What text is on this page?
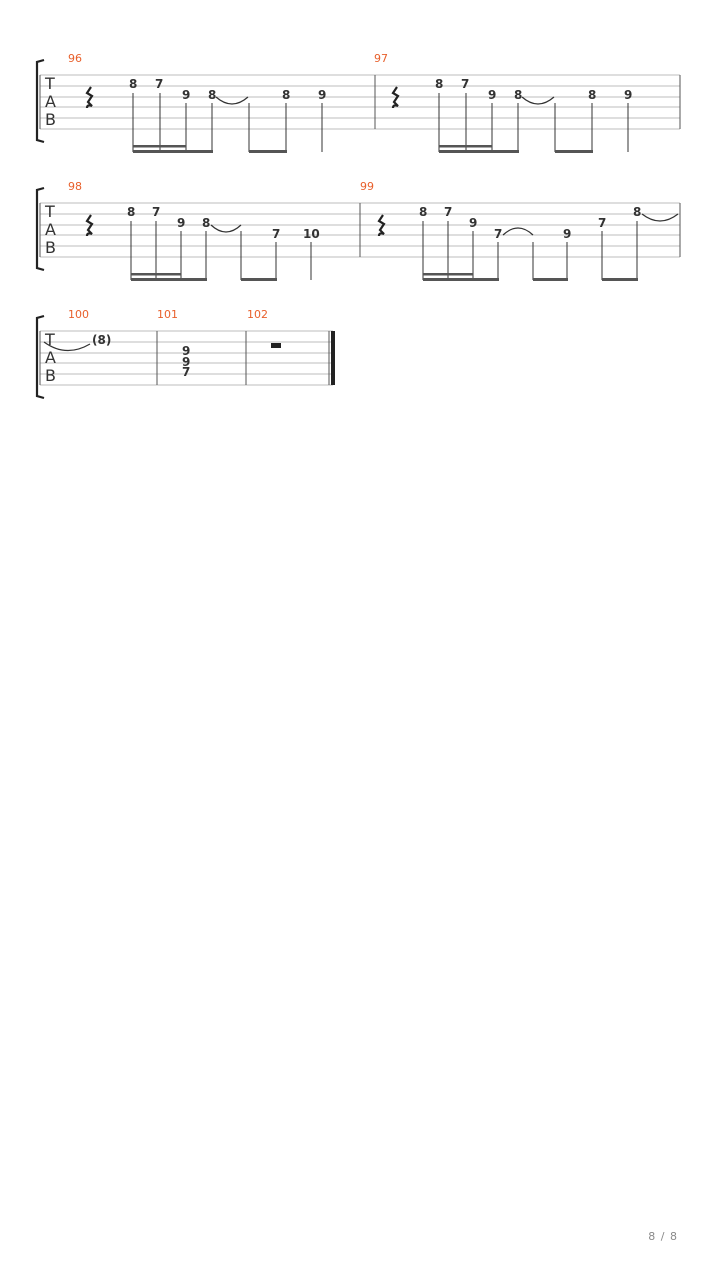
T
A
B
96
8 7
9 8	8 9
97
8 7
9 8	8 9
T
A
B
98
8 7
9 8
7 10
99
8 7
9
7	9
7
8
T
A
B
100
(8)
101
9
9
7
102
8 / 8
